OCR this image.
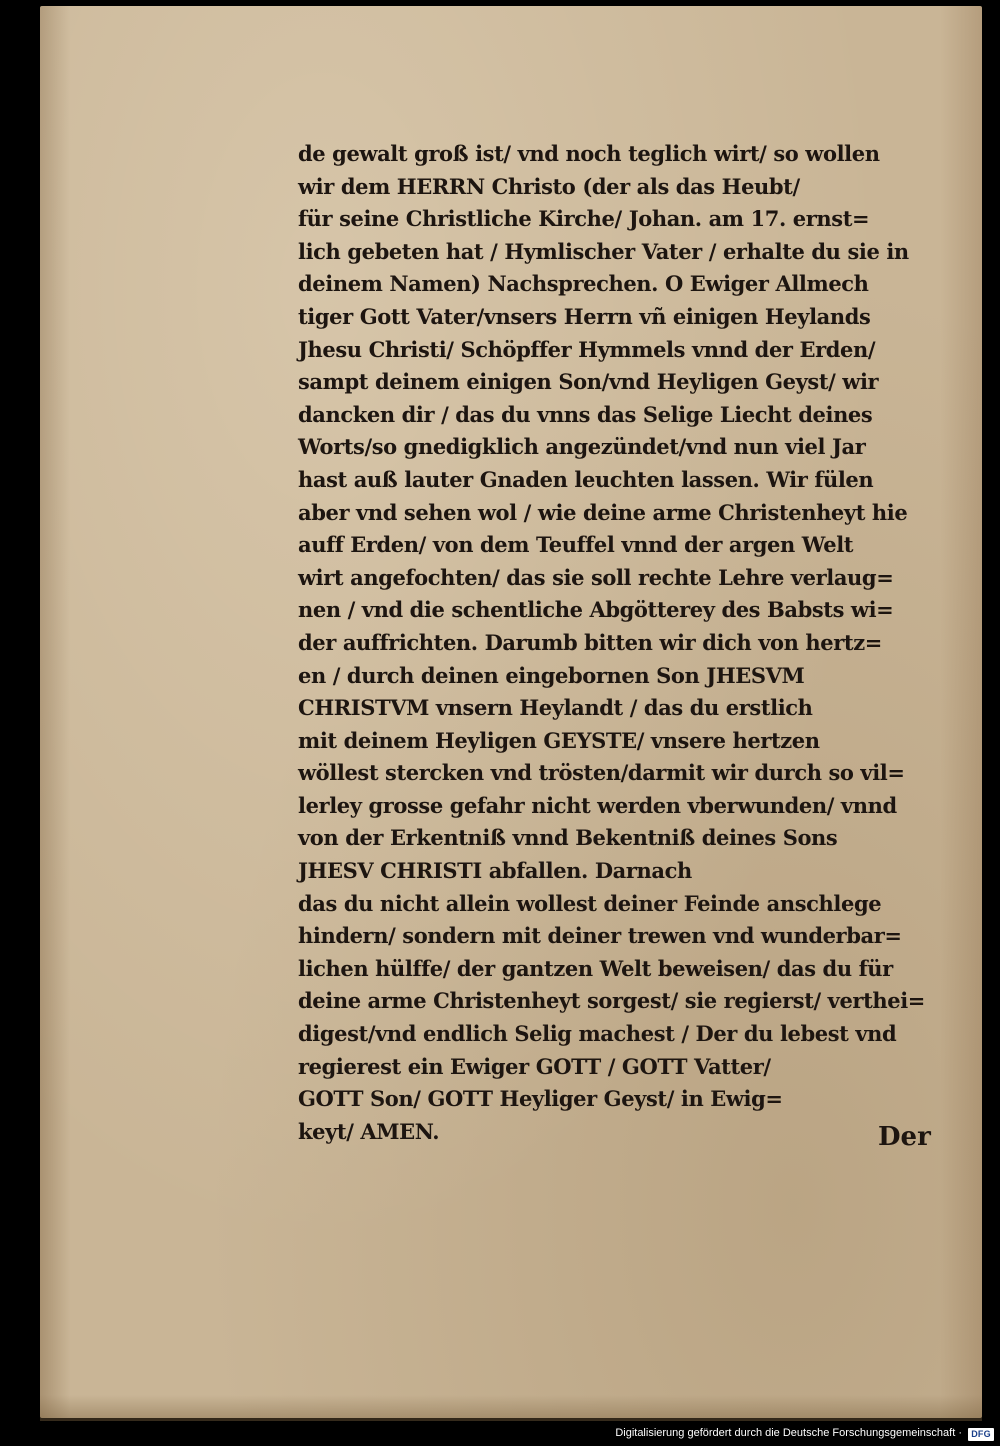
de gewalt groß ist/ vnd noch teglich wirt/ so wollen
wir dem HERRN Christo (der als das Heubt/
für seine Christliche Kirche/ Johan. am 17. ernst=
lich gebeten hat / Hymlischer Vater / erhalte du sie in
deinem Namen) Nachsprechen. O Ewiger Allmech
tiger Gott Vater/vnsers Herrn vñ einigen Heylands
Jhesu Christi/ Schöpffer Hymmels vnnd der Erden/
sampt deinem einigen Son/vnd Heyligen Geyst/ wir
dancken dir / das du vnns das Selige Liecht deines
Worts/so gnedigklich angezündet/vnd nun viel Jar
hast auß lauter Gnaden leuchten lassen. Wir fülen
aber vnd sehen wol / wie deine arme Christenheyt hie
auff Erden/ von dem Teuffel vnnd der argen Welt
wirt angefochten/ das sie soll rechte Lehre verlaug=
nen / vnd die schentliche Abgötterey des Babsts wi=
der auffrichten. Darumb bitten wir dich von hertz=
en / durch deinen eingebornen Son JHESVM
CHRISTVM vnsern Heylandt / das du erstlich
mit deinem Heyligen GEYSTE/ vnsere hertzen
wöllest stercken vnd trösten/darmit wir durch so vil=
lerley grosse gefahr nicht werden vberwunden/ vnnd
von der Erkentniß vnnd Bekentniß deines Sons
JHESV CHRISTI abfallen. Darnach
das du nicht allein wollest deiner Feinde anschlege
hindern/ sondern mit deiner trewen vnd wunderbar=
lichen hülffe/ der gantzen Welt beweisen/ das du für
deine arme Christenheyt sorgest/ sie regierst/ verthei=
digest/vnd endlich Selig machest / Der du lebest vnd
regierest ein Ewiger GOTT / GOTT Vatter/
GOTT Son/ GOTT Heyliger Geyst/ in Ewig=
keyt/ AMEN.	Der
Digitalisierung gefördert durch die Deutsche Forschungsgemeinschaft ·	DFG
